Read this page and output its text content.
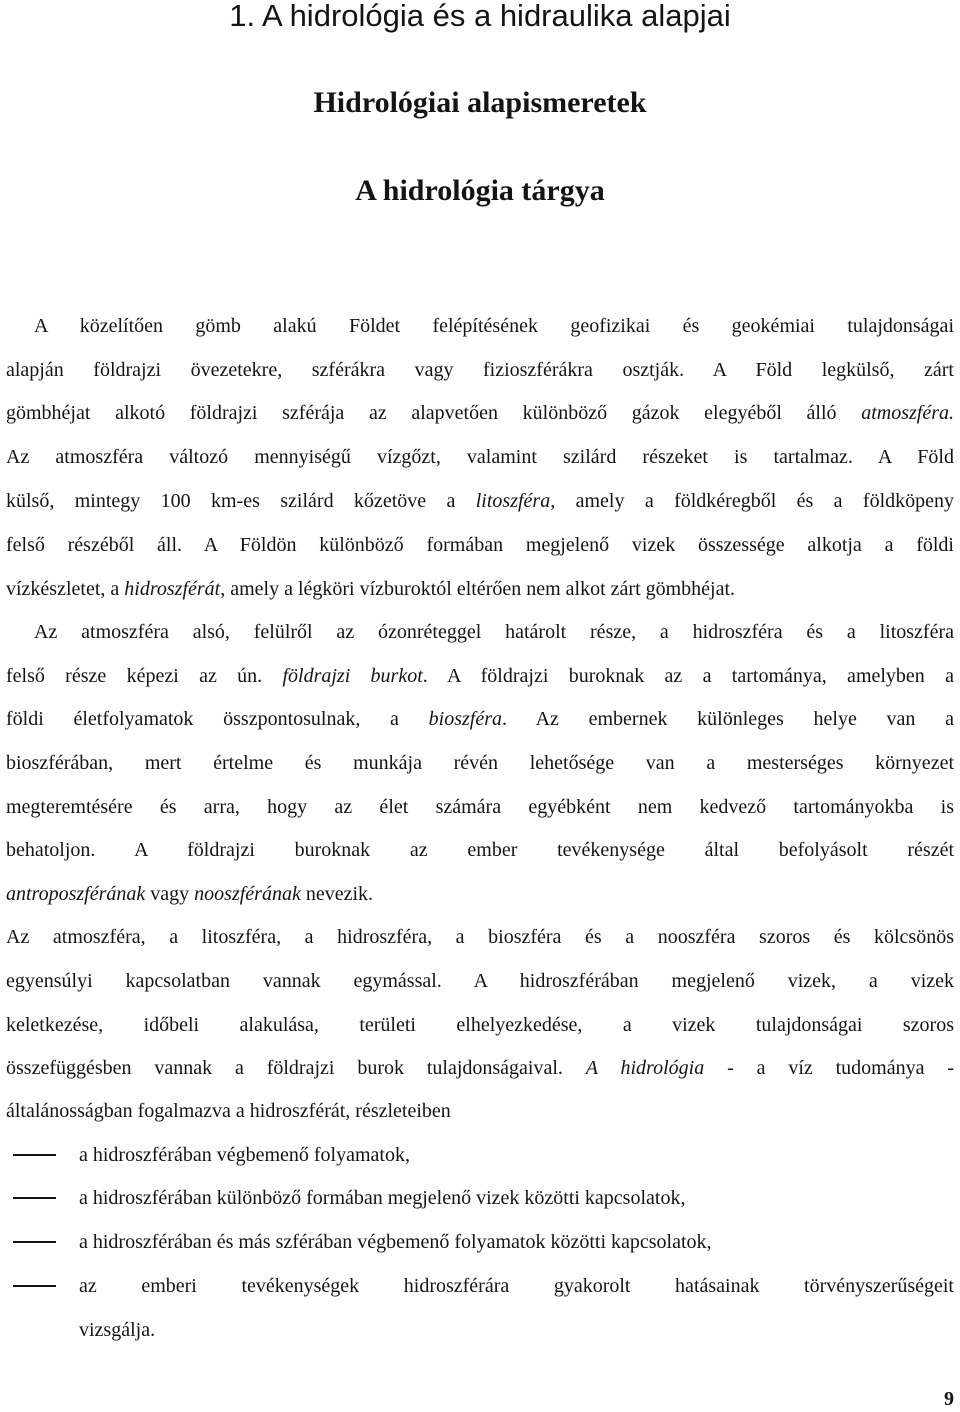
1. A hidrológia és a hidraulika alapjai
Hidrológiai alapismeretek
A hidrológia tárgya
A közelítően gömb alakú Földet felépítésének geofizikai és geokémiai tulajdonságai
alapján földrajzi övezetekre, szférákra vagy fizioszférákra osztják. A Föld legkülső, zárt
gömbhéjat alkotó földrajzi szférája az alapvetően különböző gázok elegyéből álló atmoszféra.
Az atmoszféra változó mennyiségű vízgőzt, valamint szilárd részeket is tartalmaz. A Föld
külső, mintegy 100 km-es szilárd kőzetöve a litoszféra, amely a földkéregből és a földköpeny
felső részéből áll. A Földön különböző formában megjelenő vizek összessége alkotja a földi
vízkészletet, a hidroszférát, amely a légköri vízburoktól eltérően nem alkot zárt gömbhéjat.
Az atmoszféra alsó, felülről az ózonréteggel határolt része, a hidroszféra és a litoszféra
felső része képezi az ún. földrajzi burkot. A földrajzi buroknak az a tartománya, amelyben a
földi életfolyamatok összpontosulnak, a bioszféra. Az embernek különleges helye van a
bioszférában, mert értelme és munkája révén lehetősége van a mesterséges környezet
megteremtésére és arra, hogy az élet számára egyébként nem kedvező tartományokba is
behatoljon. A földrajzi buroknak az ember tevékenysége által befolyásolt részét
antroposzférának vagy nooszférának nevezik.
Az atmoszféra, a litoszféra, a hidroszféra, a bioszféra és a nooszféra szoros és kölcsönös
egyensúlyi kapcsolatban vannak egymással. A hidroszférában megjelenő vizek, a vizek
keletkezése, időbeli alakulása, területi elhelyezkedése, a vizek tulajdonságai szoros
összefüggésben vannak a földrajzi burok tulajdonságaival. A hidrológia - a víz tudománya -
általánosságban fogalmazva a hidroszférát, részleteiben
a hidroszférában végbemenő folyamatok,
a hidroszférában különböző formában megjelenő vizek közötti kapcsolatok,
a hidroszférában és más szférában végbemenő folyamatok közötti kapcsolatok,
az emberi tevékenységek hidroszférára gyakorolt hatásainak törvényszerűségeit
vizsgálja.
9
